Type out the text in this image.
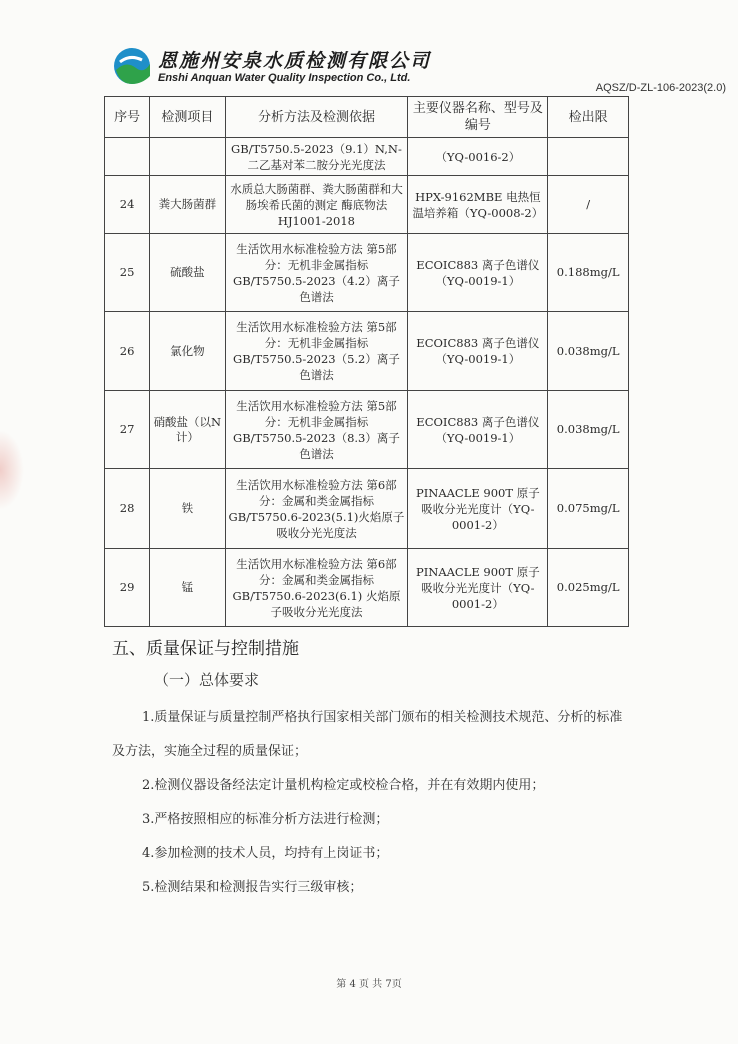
恩施州安泉水质检测有限公司
Enshi Anquan Water Quality Inspection Co., Ltd.
AQSZ/D-ZL-106-2023(2.0)
序号	检测项目	分析方法及检测依据	主要仪器名称、型号及编号	检出限
		GB/T5750.5-2023（9.1）N,N-二乙基对苯二胺分光光度法	（YQ-0016-2）	
24	粪大肠菌群	水质总大肠菌群、粪大肠菌群和大肠埃希氏菌的测定 酶底物法 HJ1001-2018	HPX-9162MBE 电热恒温培养箱（YQ-0008-2）	/
25	硫酸盐	生活饮用水标准检验方法 第5部分：无机非金属指标 GB/T5750.5-2023（4.2）离子色谱法	ECOIC883 离子色谱仪（YQ-0019-1）	0.188mg/L
26	氯化物	生活饮用水标准检验方法 第5部分：无机非金属指标 GB/T5750.5-2023（5.2）离子色谱法	ECOIC883 离子色谱仪（YQ-0019-1）	0.038mg/L
27	硝酸盐（以N计）	生活饮用水标准检验方法 第5部分：无机非金属指标 GB/T5750.5-2023（8.3）离子色谱法	ECOIC883 离子色谱仪（YQ-0019-1）	0.038mg/L
28	铁	生活饮用水标准检验方法 第6部分：金属和类金属指标 GB/T5750.6-2023(5.1)火焰原子吸收分光光度法	PINAACLE 900T 原子吸收分光光度计（YQ-0001-2）	0.075mg/L
29	锰	生活饮用水标准检验方法 第6部分：金属和类金属指标 GB/T5750.6-2023(6.1) 火焰原子吸收分光光度法	PINAACLE 900T 原子吸收分光光度计（YQ-0001-2）	0.025mg/L
五、质量保证与控制措施
（一）总体要求
1.质量保证与质量控制严格执行国家相关部门颁布的相关检测技术规范、分析的标准及方法，实施全过程的质量保证；
2.检测仪器设备经法定计量机构检定或校检合格，并在有效期内使用；
3.严格按照相应的标准分析方法进行检测；
4.参加检测的技术人员，均持有上岗证书；
5.检测结果和检测报告实行三级审核；
第 4 页 共 7页
